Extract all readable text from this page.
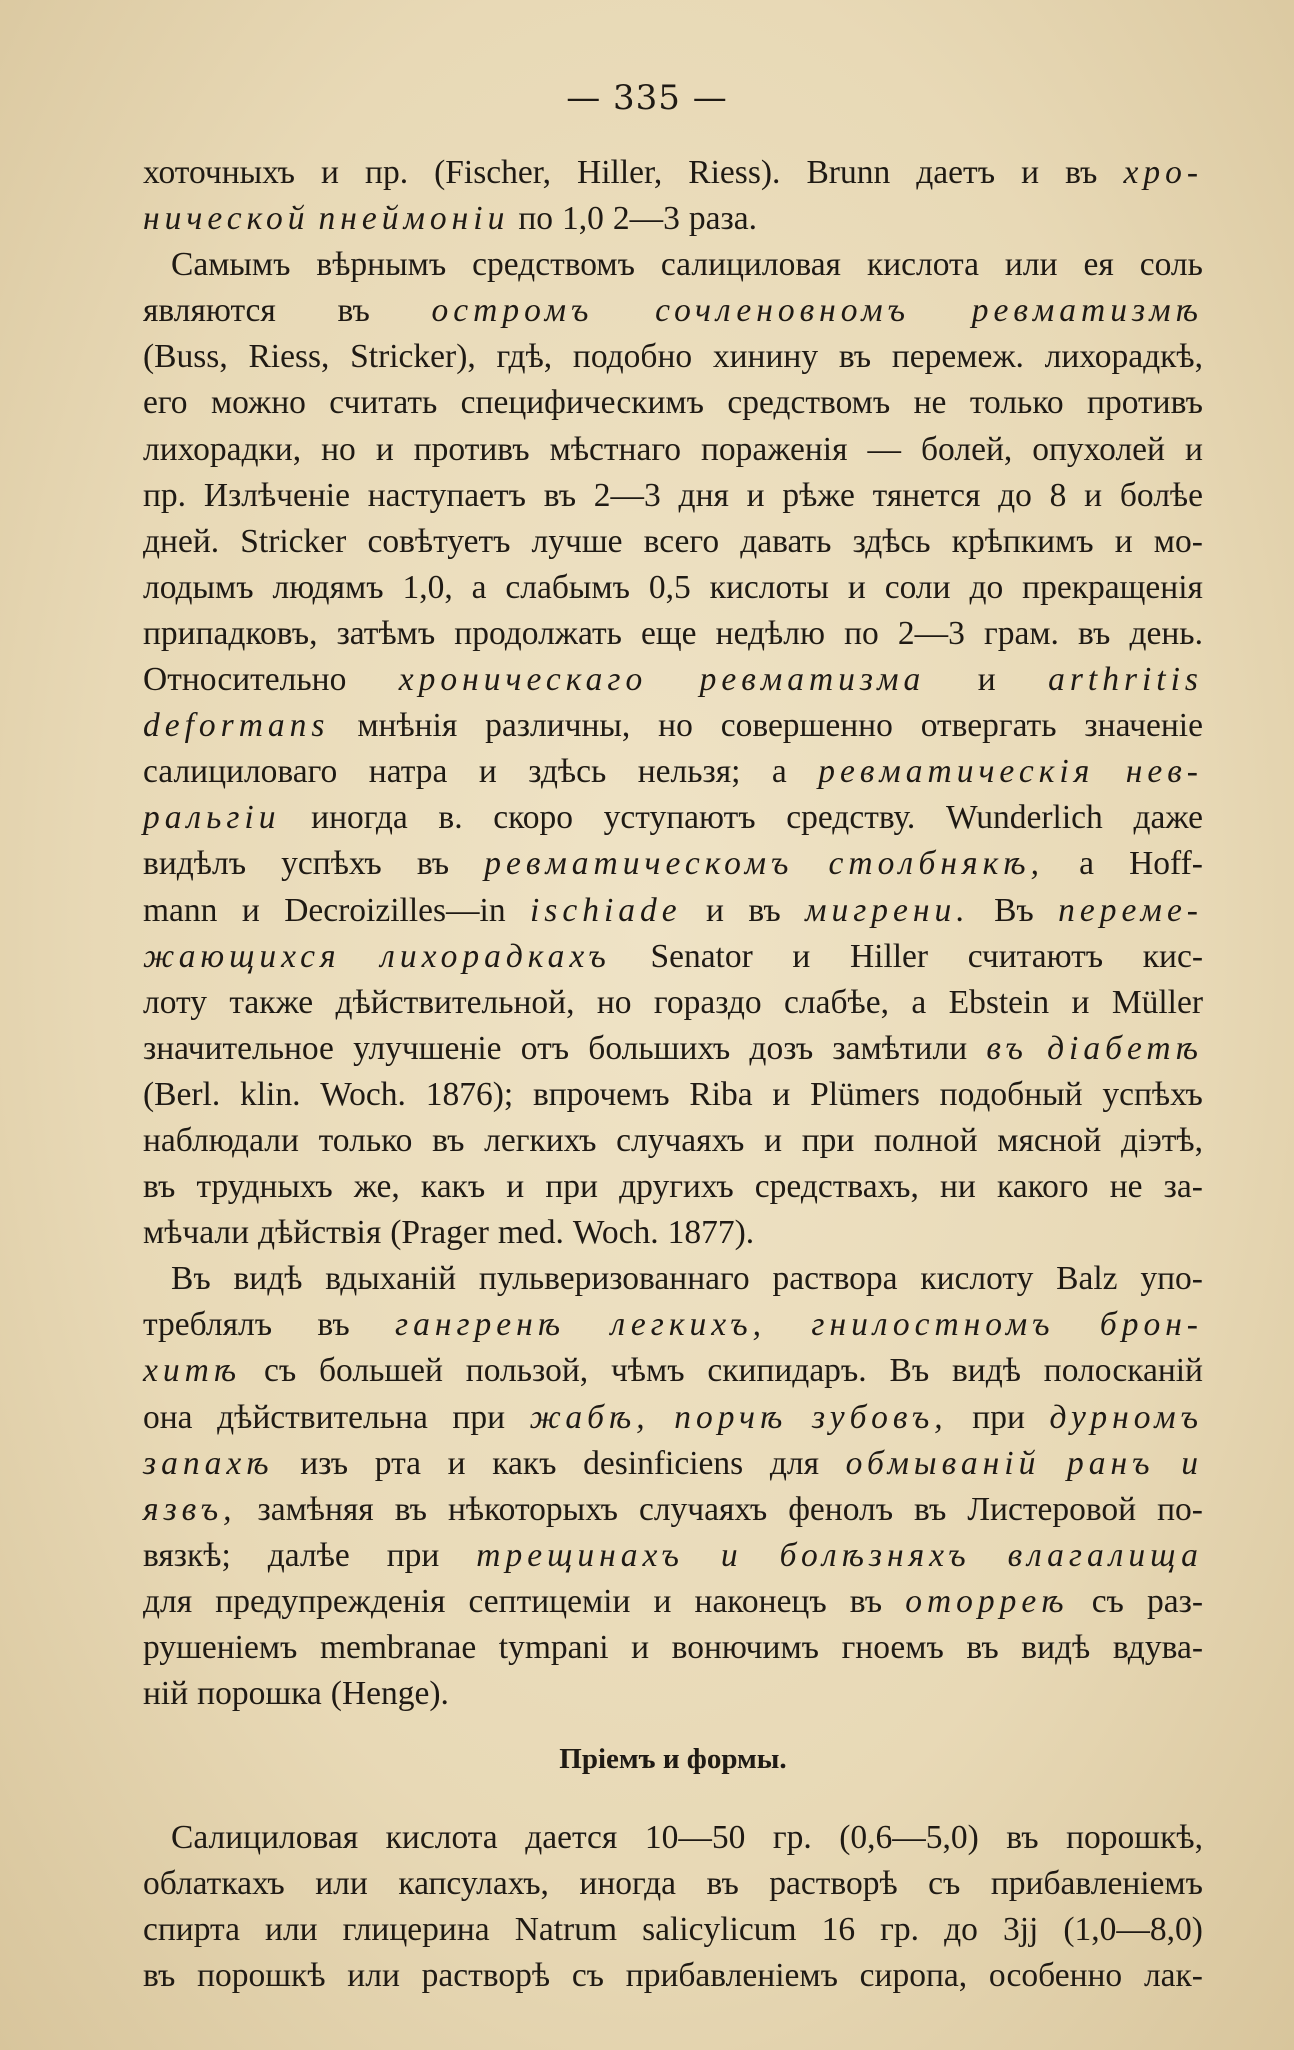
— 335 —
хоточныхъ и пр. (Fischer, Hiller, Riess). Brunn даетъ и въ хро-
нической пнеймоніи по 1,0 2—3 раза.
Самымъ вѣрнымъ средствомъ салициловая кислота или ея соль
являются въ остромъ сочленовномъ ревматизмѣ
(Buss, Riess, Stricker), гдѣ, подобно хинину въ перемеж. лихорадкѣ,
его можно считать специфическимъ средствомъ не только противъ
лихорадки, но и противъ мѣстнаго пораженія — болей, опухолей и
пр. Излѣченіе наступаетъ въ 2—3 дня и рѣже тянется до 8 и болѣе
дней. Stricker совѣтуетъ лучше всего давать здѣсь крѣпкимъ и мо-
лодымъ людямъ 1,0, а слабымъ 0,5 кислоты и соли до прекращенія
припадковъ, затѣмъ продолжать еще недѣлю по 2—3 грам. въ день.
Относительно хроническаго ревматизма и arthritis
deformans мнѣнія различны, но совершенно отвергать значеніе
салициловаго натра и здѣсь нельзя; а ревматическія нев-
ральгіи иногда в. скоро уступаютъ средству. Wunderlich даже
видѣлъ успѣхъ въ ревматическомъ столбнякѣ, а Hoff-
mann и Decroizilles—in ischiade и въ мигрени. Въ переме-
жающихся лихорадкахъ Senator и Hiller считаютъ кис-
лоту также дѣйствительной, но гораздо слабѣе, а Ebstein и Müller
значительное улучшеніе отъ большихъ дозъ замѣтили въ діабетѣ
(Berl. klin. Woch. 1876); впрочемъ Riba и Plümers подобный успѣхъ
наблюдали только въ легкихъ случаяхъ и при полной мясной діэтѣ,
въ трудныхъ же, какъ и при другихъ средствахъ, ни какого не за-
мѣчали дѣйствія (Prager med. Woch. 1877).
Въ видѣ вдыханій пульверизованнаго раствора кислоту Balz упо-
треблялъ въ гангренѣ легкихъ, гнилостномъ брон-
хитѣ съ большей пользой, чѣмъ скипидаръ. Въ видѣ полосканій
она дѣйствительна при жабѣ, порчѣ зубовъ, при дурномъ
запахѣ изъ рта и какъ desinficiens для обмываній ранъ и
язвъ, замѣняя въ нѣкоторыхъ случаяхъ фенолъ въ Листеровой по-
вязкѣ; далѣе при трещинахъ и болѣзняхъ влагалища
для предупрежденія септицеміи и наконецъ въ оторреѣ съ раз-
рушеніемъ membranae tympani и вонючимъ гноемъ въ видѣ вдува-
ній порошка (Henge).
Пріемъ и формы.
Салициловая кислота дается 10—50 гр. (0,6—5,0) въ порошкѣ,
облаткахъ или капсулахъ, иногда въ растворѣ съ прибавленіемъ
спирта или глицерина Natrum salicylicum 16 гр. до 3jj (1,0—8,0)
въ порошкѣ или растворѣ съ прибавленіемъ сиропа, особенно лак-
